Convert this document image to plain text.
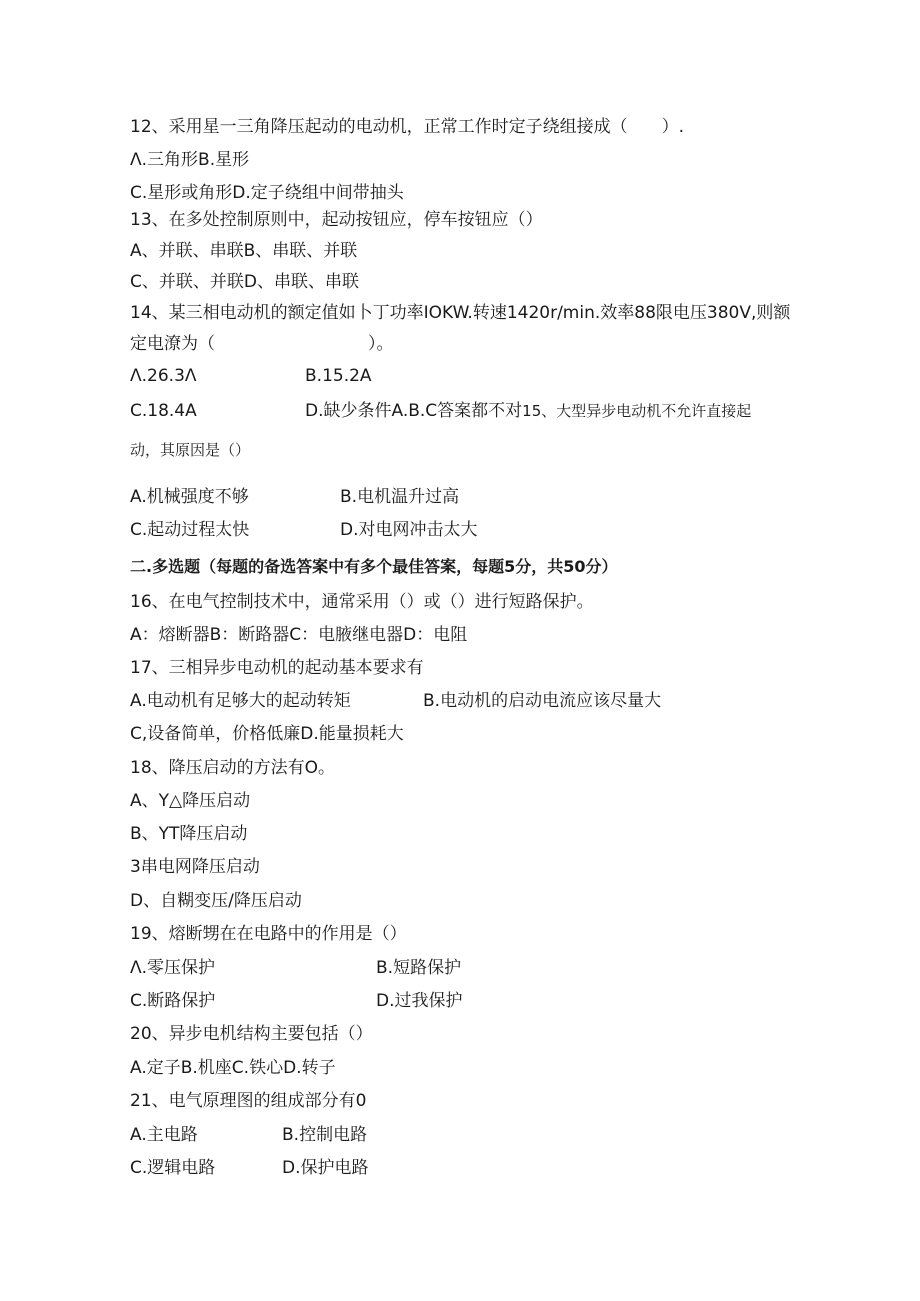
12、采用星一三角降压起动的电动机，正常工作时定子绕组接成（　　）.
Λ.三角形B.星形
C.星形或角形D.定子绕组中间带抽头
13、在多处控制原则中，起动按钮应，停车按钮应（）
A、并联、串联B、串联、并联
C、并联、并联D、串联、串联
14、某三相电动机的额定值如卜丁功率IOKW.转速1420r∕min.效率88限电压380V,则额
定电潦为（　　　　　　　　　）。
Λ.26.3Λ	B.15.2A
C.18.4A	D.缺少条件A.B.C答案都不对15、大型异步电动机不允许直接起
动，其原因是（）
A.机械强度不够	B.电机温升过高
C.起动过程太快	D.对电网冲击太大
二.多选题（每题的备选答案中有多个最佳答案，每题5分，共50分）
16、在电气控制技术中，通常采用（）或（）进行短路保护。
A：熔断器B：断路器C：电腋继电器D：电阻
17、三相异步电动机的起动基本要求有
A.电动机有足够大的起动转矩	B.电动机的启动电流应该尽量大
C,设备简单，价格低廉D.能量损耗大
18、降压启动的方法有O。
A、Y△降压启动
B、YT降压启动
3串电网降压启动
D、自糊变压/降压启动
19、熔断甥在在电路中的作用是（）
Λ.零压保护	B.短路保护
C.断路保护	D.过我保护
20、异步电机结构主要包括（）
A.定子B.机座C.铁心D.转子
21、电气原理图的组成部分有0
A.主电路	B.控制电路
C.逻辑电路	D.保护电路
